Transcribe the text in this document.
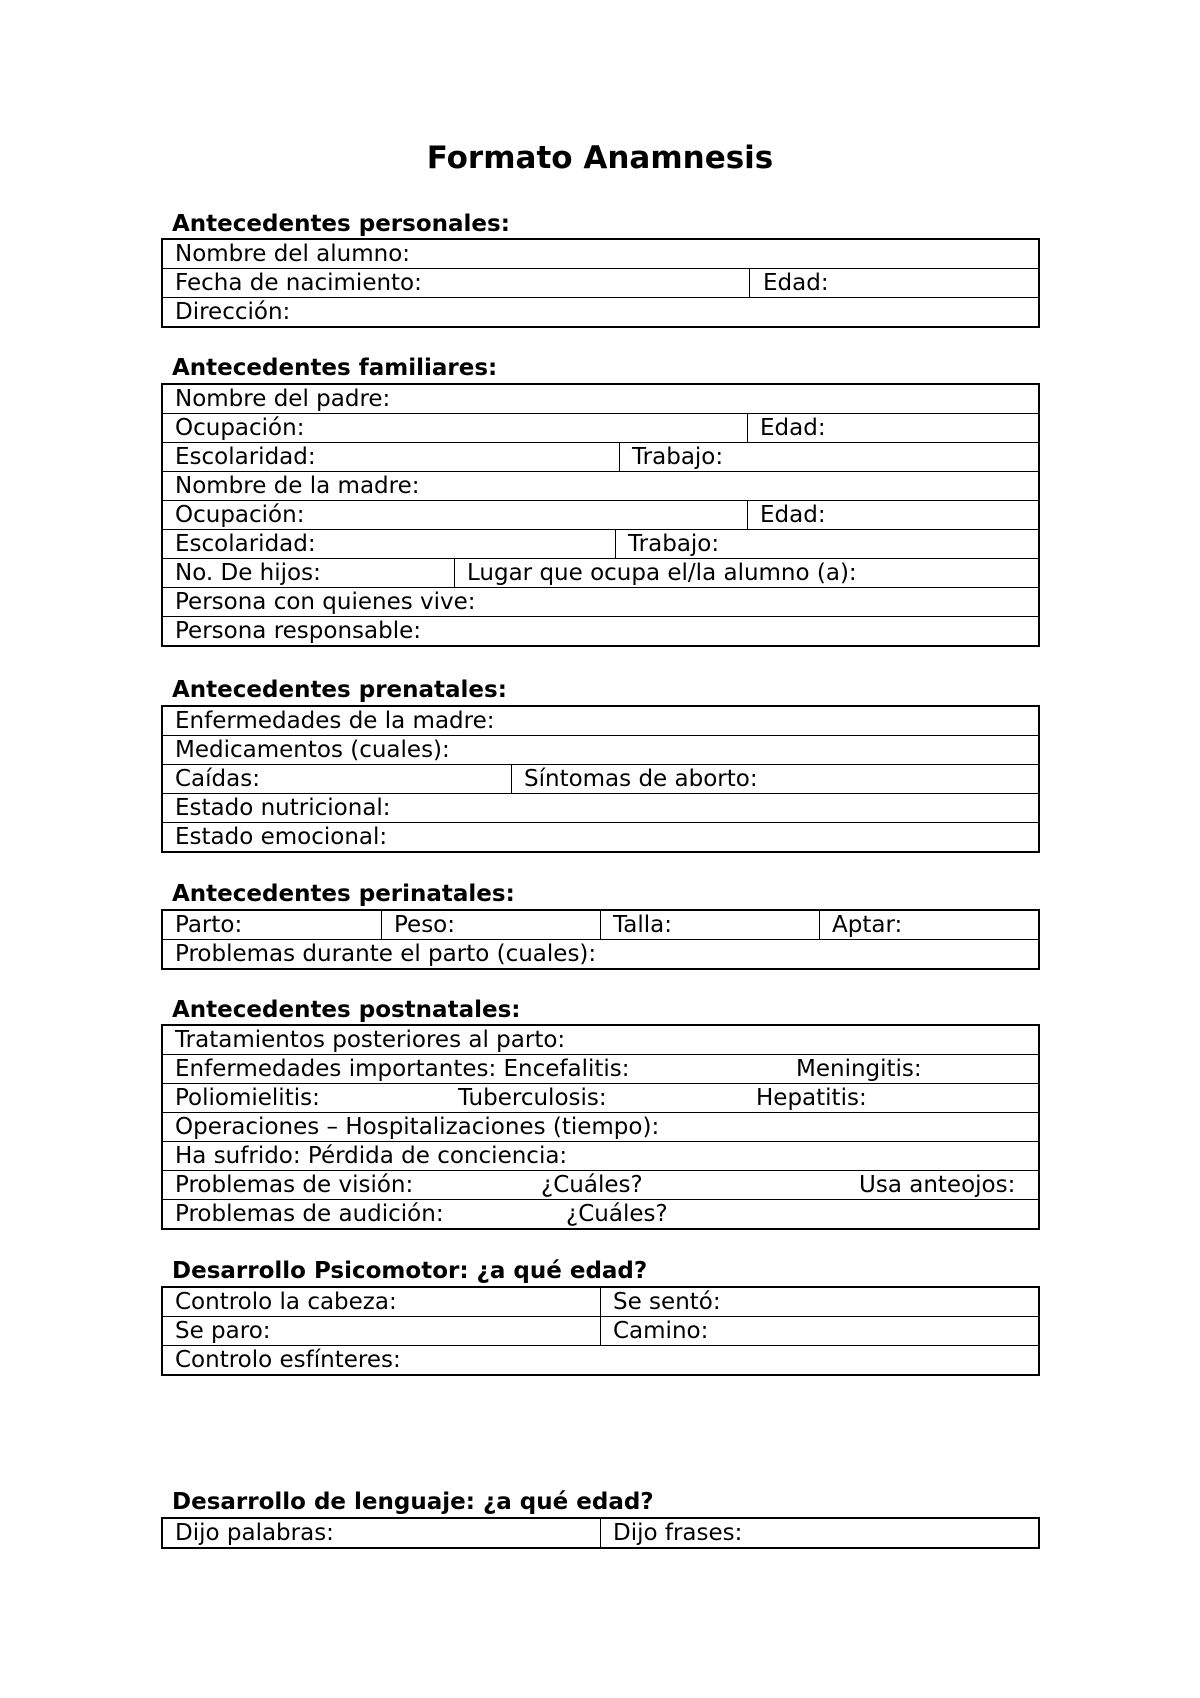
Formato Anamnesis
Antecedentes personales:
Nombre del alumno:
Fecha de nacimiento:	Edad:
Dirección:
Antecedentes familiares:
Nombre del padre:
Ocupación:	Edad:
Escolaridad:	Trabajo:
Nombre de la madre:
Ocupación:	Edad:
Escolaridad:	Trabajo:
No. De hijos:	Lugar que ocupa el/la alumno (a):
Persona con quienes vive:
Persona responsable:
Antecedentes prenatales:
Enfermedades de la madre:
Medicamentos (cuales):
Caídas:	Síntomas de aborto:
Estado nutricional:
Estado emocional:
Antecedentes perinatales:
Parto:	Peso:	Talla:	Aptar:
Problemas durante el parto (cuales):
Antecedentes postnatales:
Tratamientos posteriores al parto:
Enfermedades importantes: Encefalitis:	Meningitis:
Poliomielitis:	Tuberculosis:	Hepatitis:
Operaciones – Hospitalizaciones (tiempo):
Ha sufrido: Pérdida de conciencia:
Problemas de visión:	¿Cuáles?	Usa anteojos:
Problemas de audición:	¿Cuáles?
Desarrollo Psicomotor: ¿a qué edad?
Controlo la cabeza:	Se sentó:
Se paro:	Camino:
Controlo esfínteres:
Desarrollo de lenguaje: ¿a qué edad?
Dijo palabras:	Dijo frases:
